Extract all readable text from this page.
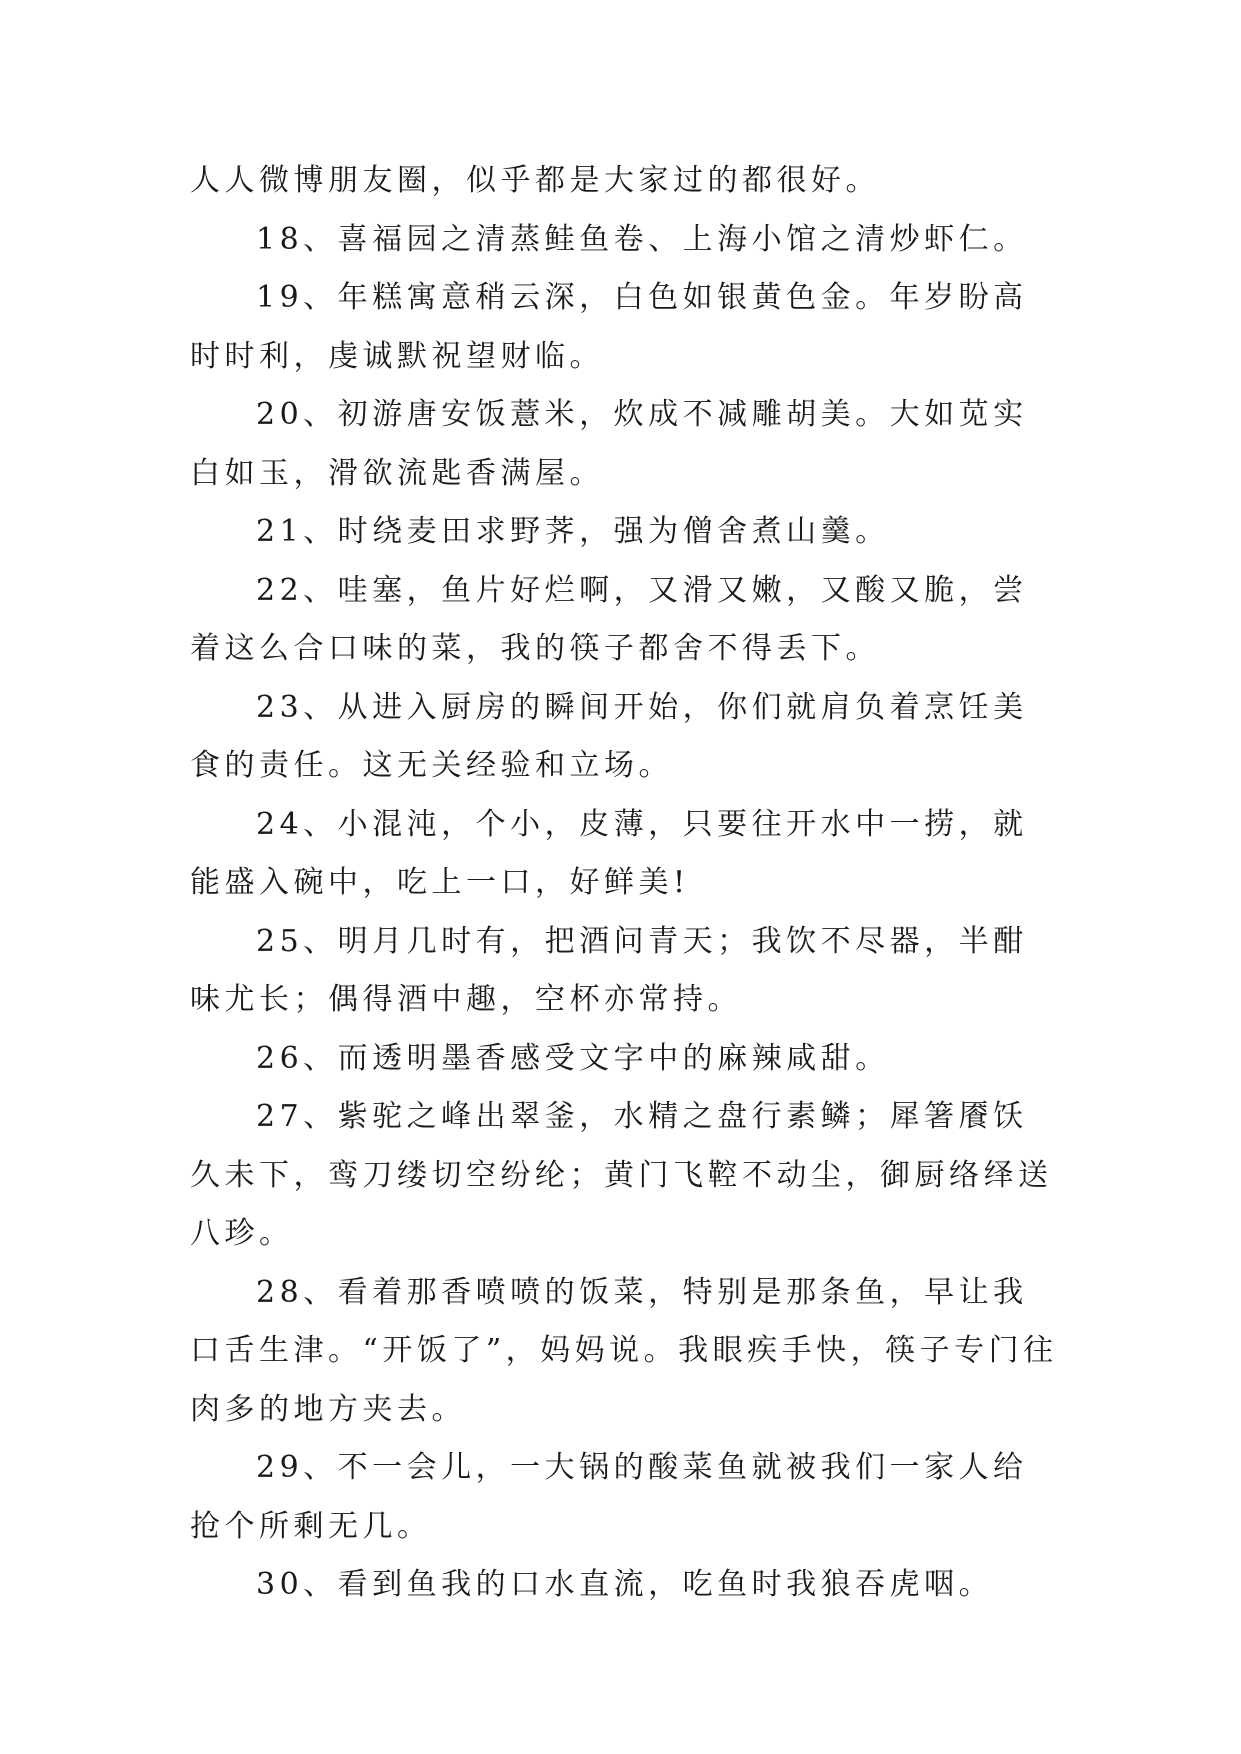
人人微博朋友圈，似乎都是大家过的都很好。

18、喜福园之清蒸鲑鱼卷、上海小馆之清炒虾仁。

19、年糕寓意稍云深，白色如银黄色金。年岁盼高时时利，虔诚默祝望财临。

20、初游唐安饭薏米，炊成不减雕胡美。大如苋实白如玉，滑欲流匙香满屋。

21、时绕麦田求野荠，强为僧舍煮山羹。

22、哇塞，鱼片好烂啊，又滑又嫩，又酸又脆，尝着这么合口味的菜，我的筷子都舍不得丢下。

23、从进入厨房的瞬间开始，你们就肩负着烹饪美食的责任。这无关经验和立场。

24、小混沌，个小，皮薄，只要往开水中一捞，就能盛入碗中，吃上一口，好鲜美!

25、明月几时有，把酒问青天；我饮不尽器，半酣味尤长；偶得酒中趣，空杯亦常持。

26、而透明墨香感受文字中的麻辣咸甜。

27、紫驼之峰出翠釜，水精之盘行素鳞；犀箸餍饫久未下，鸾刀缕切空纷纶；黄门飞鞚不动尘，御厨络绎送八珍。

28、看着那香喷喷的饭菜，特别是那条鱼，早让我口舌生津。“开饭了”，妈妈说。我眼疾手快，筷子专门往肉多的地方夹去。

29、不一会儿，一大锅的酸菜鱼就被我们一家人给抢个所剩无几。

30、看到鱼我的口水直流，吃鱼时我狼吞虎咽。
